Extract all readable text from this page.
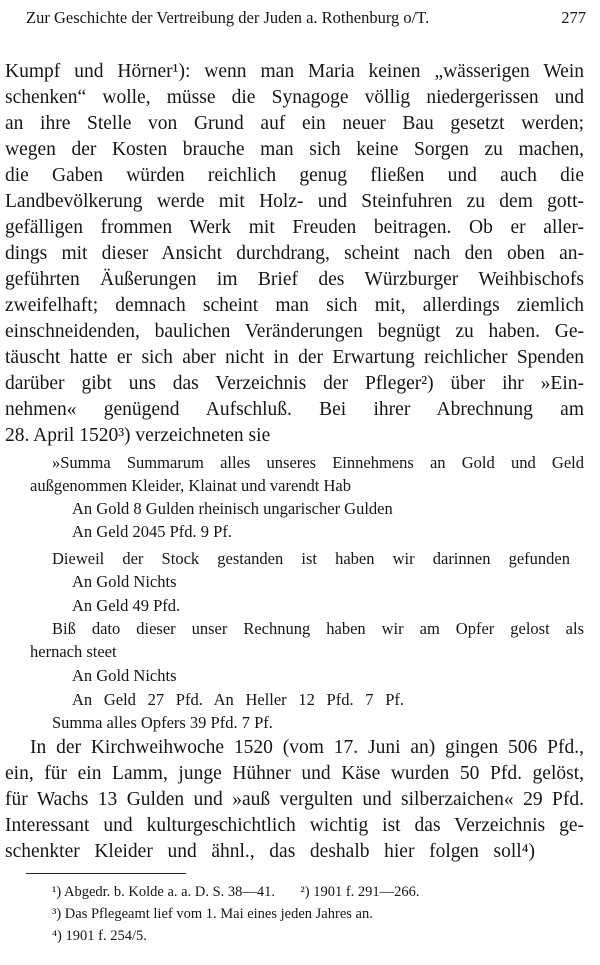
Zur Geschichte der Vertreibung der Juden a. Rothenburg o/T.	277
Kumpf und Hörner¹): wenn man Maria keinen „wässerigen Wein
schenken“ wolle, müsse die Synagoge völlig niedergerissen und
an ihre Stelle von Grund auf ein neuer Bau gesetzt werden;
wegen der Kosten brauche man sich keine Sorgen zu machen,
die Gaben würden reichlich genug fließen und auch die
Landbevölkerung werde mit Holz- und Steinfuhren zu dem gott-
gefälligen frommen Werk mit Freuden beitragen. Ob er aller-
dings mit dieser Ansicht durchdrang, scheint nach den oben an-
geführten Äußerungen im Brief des Würzburger Weihbischofs
zweifelhaft; demnach scheint man sich mit, allerdings ziemlich
einschneidenden, baulichen Veränderungen begnügt zu haben. Ge-
täuscht hatte er sich aber nicht in der Erwartung reichlicher Spenden
darüber gibt uns das Verzeichnis der Pfleger²) über ihr »Ein-
nehmen« genügend Aufschluß. Bei ihrer Abrechnung am
28. April 1520³) verzeichneten sie
»Summa Summarum alles unseres Einnehmens an Gold und Geld
außgenommen Kleider, Klainat und varendt Hab
An Gold 8 Gulden rheinisch ungarischer Gulden
An Geld 2045 Pfd. 9 Pf.
Dieweil der Stock gestanden ist haben wir darinnen gefunden
An Gold Nichts
An Geld 49 Pfd.
Biß dato dieser unser Rechnung haben wir am Opfer gelost als
hernach steet
An Gold Nichts
An Geld 27 Pfd. An Heller 12 Pfd. 7 Pf.
Summa alles Opfers 39 Pfd. 7 Pf.
In der Kirchweihwoche 1520 (vom 17. Juni an) gingen 506 Pfd.,
ein, für ein Lamm, junge Hühner und Käse wurden 50 Pfd. gelöst,
für Wachs 13 Gulden und »auß vergulten und silberzaichen« 29 Pfd.
Interessant und kulturgeschichtlich wichtig ist das Verzeichnis ge-
schenkter Kleider und ähnl., das deshalb hier folgen soll⁴)
¹) Abgedr. b. Kolde a. a. D. S. 38—41.       ²) 1901 f. 291—266.
³) Das Pflegeamt lief vom 1. Mai eines jeden Jahres an.
⁴) 1901 f. 254/5.
